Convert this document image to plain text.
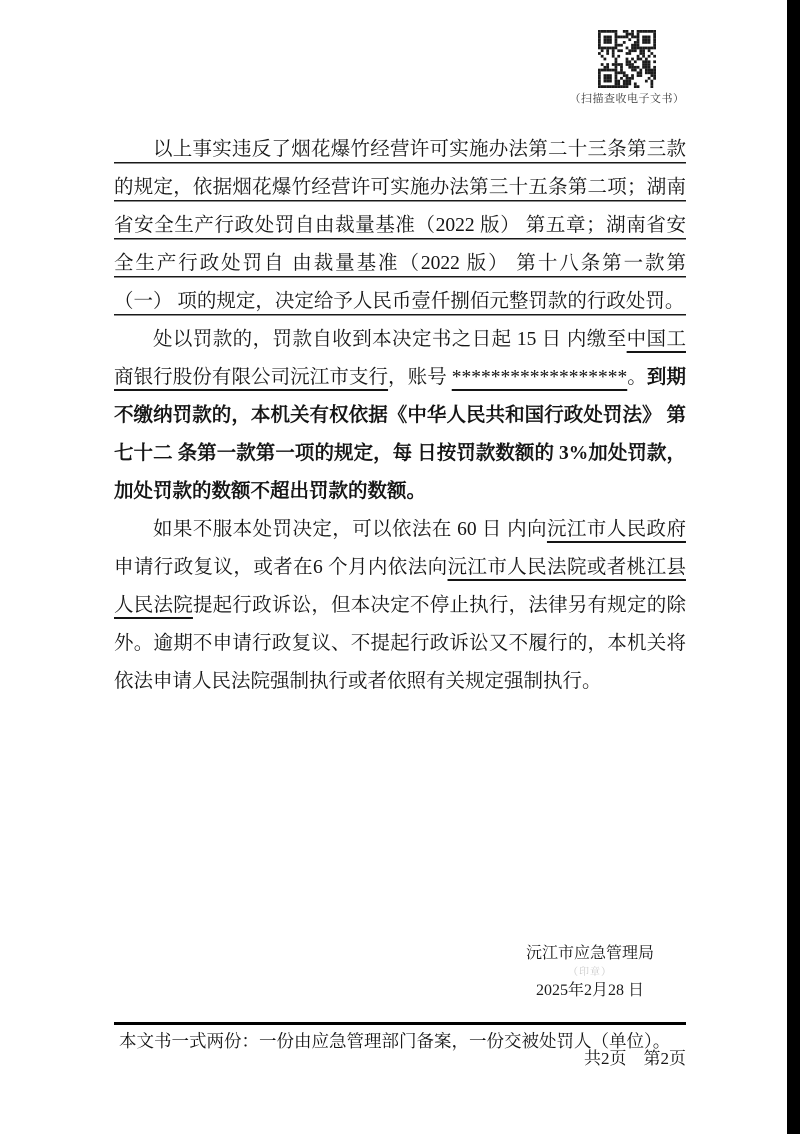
（扫描查收电子文书）

以上事实违反了烟花爆竹经营许可实施办法第二十三条第三款的规定，依据烟花爆竹经营许可实施办法第三十五条第二项；湖南省安全生产行政处罚自由裁量基准（2022 版） 第五章；湖南省安全生产行政处罚自 由裁量基准（2022 版） 第十八条第一款第（一） 项的规定，决定给予人民币壹仟捌佰元整罚款的行政处罚。

处以罚款的，罚款自收到本决定书之日起 15 日 内缴至中国工商银行股份有限公司沅江市支行，账号 ******************。到期不缴纳罚款的，本机关有权依据《中华人民共和国行政处罚法》 第七十二 条第一款第一项的规定，每 日按罚款数额的 3%加处罚款，加处罚款的数额不超出罚款的数额。

如果不服本处罚决定，可以依法在 60 日 内向沅江市人民政府申请行政复议，或者在6 个月内依法向沅江市人民法院或者桃江县人民法院提起行政诉讼，但本决定不停止执行，法律另有规定的除外。逾期不申请行政复议、不提起行政诉讼又不履行的，本机关将依法申请人民法院强制执行或者依照有关规定强制执行。

沅江市应急管理局
（印章）
2025年2月28 日
本文书一式两份：一份由应急管理部门备案，一份交被处罚人（单位）。
共2页　第2页
